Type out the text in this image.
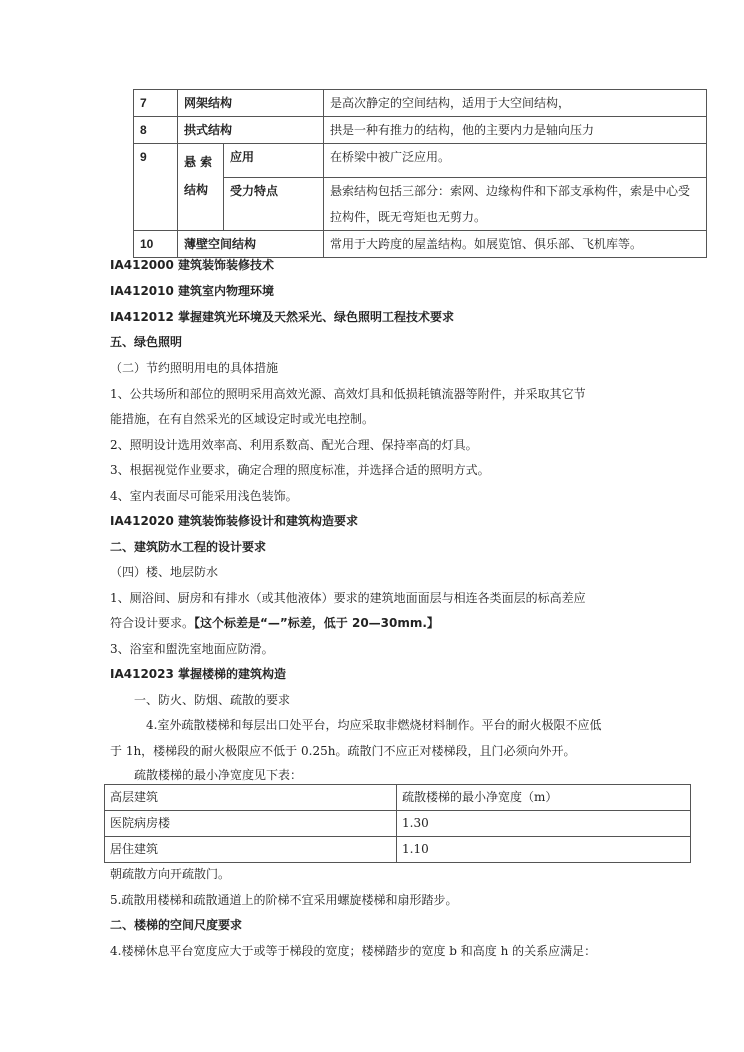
7	网架结构		是高次静定的空间结构，适用于大空间结构，
8	拱式结构		拱是一种有推力的结构，他的主要内力是轴向压力
9	悬 索 结构	应用	在桥梁中被广泛应用。
		受力特点	悬索结构包括三部分：索网、边缘构件和下部支承构件，索是中心受拉构件，既无弯矩也无剪力。
10	薄壁空间结构		常用于大跨度的屋盖结构。如展览馆、俱乐部、飞机库等。
IA412000 建筑装饰装修技术
IA412010 建筑室内物理环境
IA412012 掌握建筑光环境及天然采光、绿色照明工程技术要求
五、绿色照明
（二）节约照明用电的具体措施
1、公共场所和部位的照明采用高效光源、高效灯具和低损耗镇流器等附件，并采取其它节
能措施，在有自然采光的区域设定时或光电控制。
2、照明设计选用效率高、利用系数高、配光合理、保持率高的灯具。
3、根据视觉作业要求，确定合理的照度标准，并选择合适的照明方式。
4、室内表面尽可能采用浅色装饰。
IA412020 建筑装饰装修设计和建筑构造要求
二、建筑防水工程的设计要求
（四）楼、地层防水
1、厕浴间、厨房和有排水（或其他液体）要求的建筑地面面层与相连各类面层的标高差应
符合设计要求。【这个标差是“—”标差，低于 20—30mm.】
3、浴室和盥洗室地面应防滑。
IA412023 掌握楼梯的建筑构造
一、防火、防烟、疏散的要求
4.室外疏散楼梯和每层出口处平台，均应采取非燃烧材料制作。平台的耐火极限不应低
于 1h，楼梯段的耐火极限应不低于 0.25h。疏散门不应正对楼梯段，且门必须向外开。
疏散楼梯的最小净宽度见下表：
高层建筑	疏散楼梯的最小净宽度（m）
医院病房楼	1.30
居住建筑	1.10
朝疏散方向开疏散门。
5.疏散用楼梯和疏散通道上的阶梯不宜采用螺旋楼梯和扇形踏步。
二、楼梯的空间尺度要求
4.楼梯休息平台宽度应大于或等于梯段的宽度；楼梯踏步的宽度 b 和高度 h 的关系应满足：
